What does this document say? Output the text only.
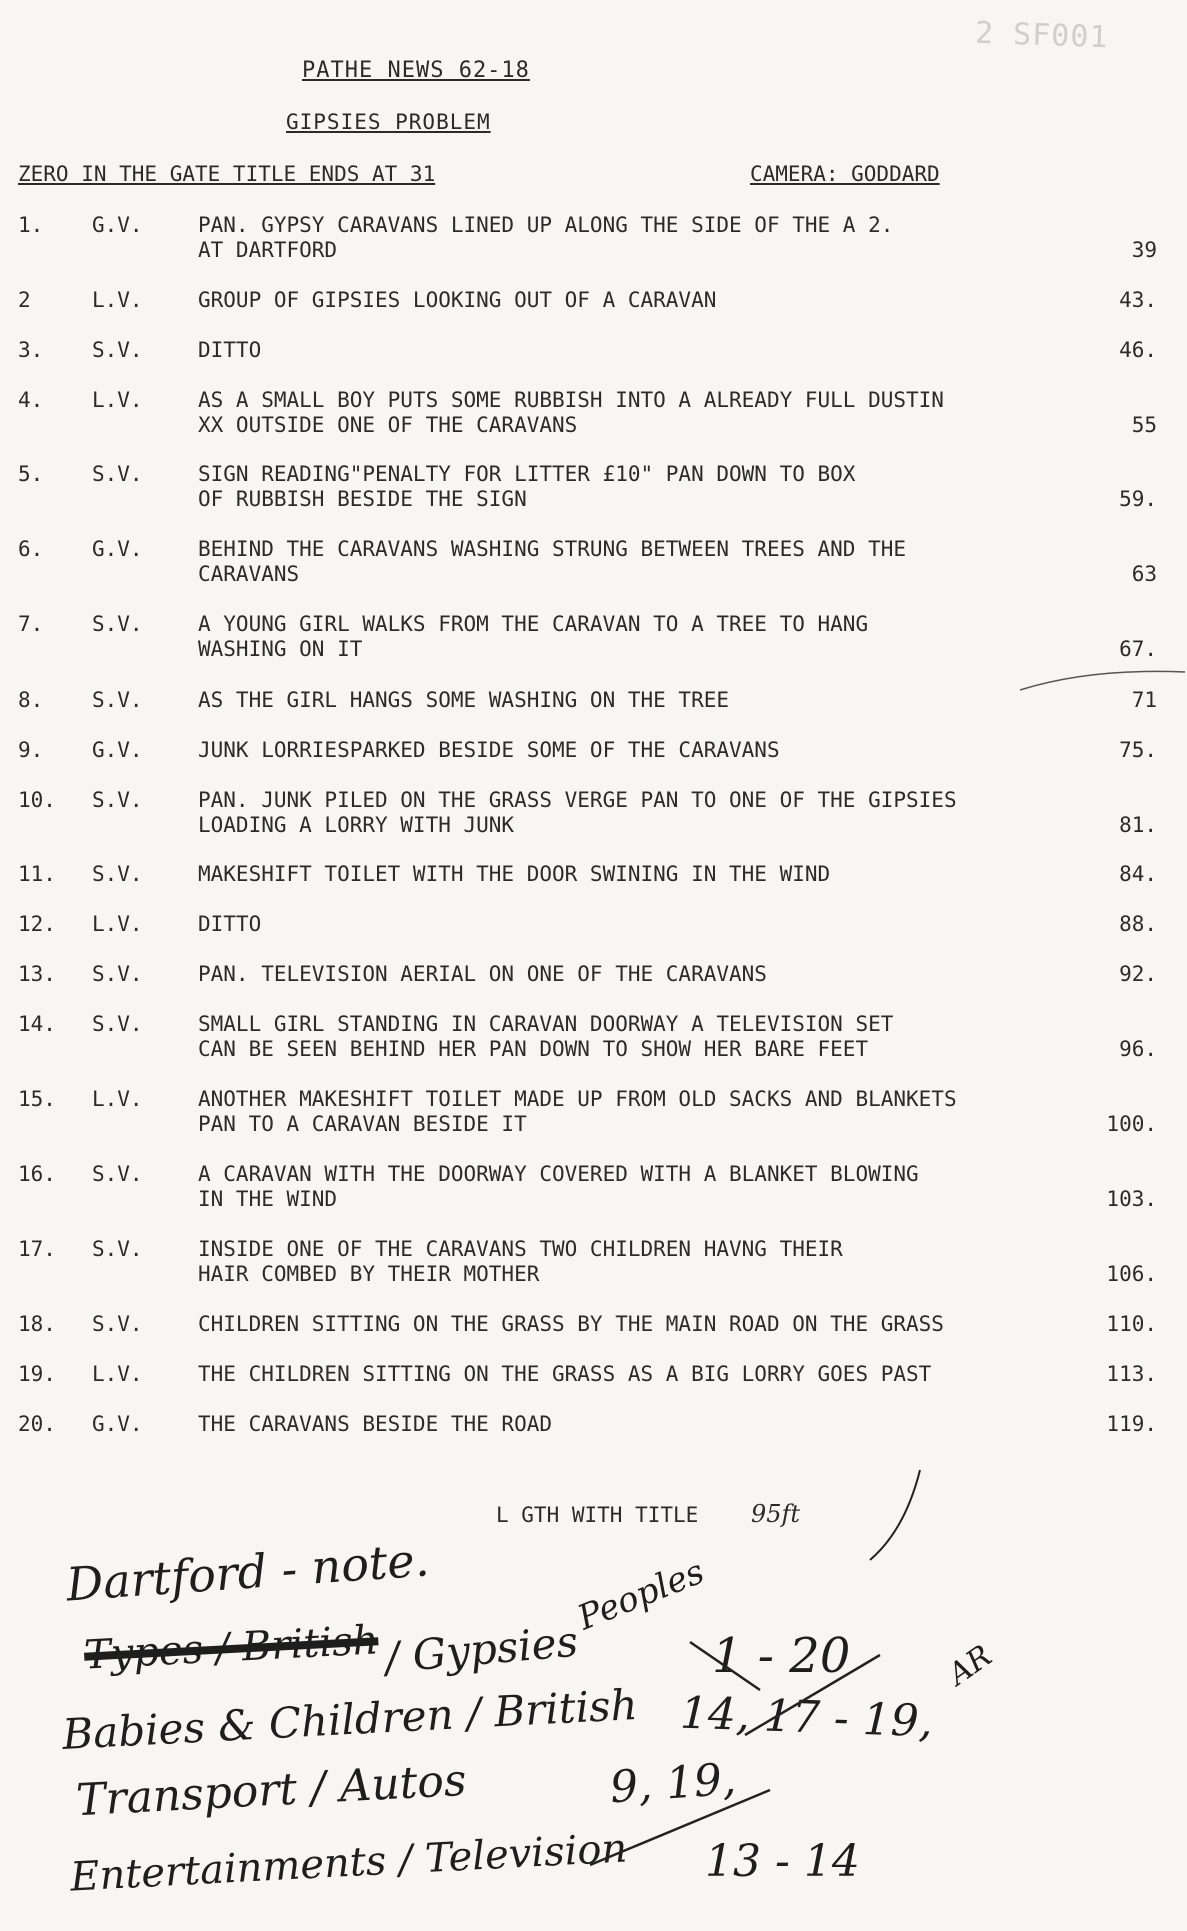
2 SF001
PATHE NEWS 62-18
GIPSIES PROBLEM
ZERO IN THE GATE TITLE ENDS AT 31	CAMERA: GODDARD
1. G.V.	PAN. GYPSY CARAVANS LINED UP ALONG THE SIDE OF THE A 2.
AT DARTFORD	39
2	L.V.	GROUP OF GIPSIES LOOKING OUT OF A CARAVAN	43.
3. S.V.	DITTO	46.
4. L.V.	AS A SMALL BOY PUTS SOME RUBBISH INTO A ALREADY FULL DUSTIN
XX OUTSIDE ONE OF THE CARAVANS	55
5. S.V.	SIGN READING"PENALTY FOR LITTER £10" PAN DOWN TO BOX
OF RUBBISH BESIDE THE SIGN	59.
6. G.V.	BEHIND THE CARAVANS WASHING STRUNG BETWEEN TREES AND THE
CARAVANS	63
7. S.V.	A YOUNG GIRL WALKS FROM THE CARAVAN TO A TREE TO HANG
WASHING ON IT	67.
8. S.V.	AS THE GIRL HANGS SOME WASHING ON THE TREE	71
9. G.V.	JUNK LORRIESPARKED BESIDE SOME OF THE CARAVANS	75.
10. S.V.	PAN. JUNK PILED ON THE GRASS VERGE PAN TO ONE OF THE GIPSIES
LOADING A LORRY WITH JUNK	81.
11. S.V.	MAKESHIFT TOILET WITH THE DOOR SWINING IN THE WIND	84.
12. L.V.	DITTO	88.
13. S.V.	PAN. TELEVISION AERIAL ON ONE OF THE CARAVANS	92.
14. S.V.	SMALL GIRL STANDING IN CARAVAN DOORWAY A TELEVISION SET
CAN BE SEEN BEHIND HER PAN DOWN TO SHOW HER BARE FEET	96.
15. L.V.	ANOTHER MAKESHIFT TOILET MADE UP FROM OLD SACKS AND BLANKETS
PAN TO A CARAVAN BESIDE IT	100.
16. S.V.	A CARAVAN WITH THE DOORWAY COVERED WITH A BLANKET BLOWING
IN THE WIND	103.
17. S.V.	INSIDE ONE OF THE CARAVANS TWO CHILDREN HAVNG THEIR
HAIR COMBED BY THEIR MOTHER	106.
18. S.V.	CHILDREN SITTING ON THE GRASS BY THE MAIN ROAD ON THE GRASS	110.
19. L.V.	THE CHILDREN SITTING ON THE GRASS AS A BIG LORRY GOES PAST	113.
20. G.V.	THE CARAVANS BESIDE THE ROAD	119.
L GTH WITH TITLE 95ft
Dartford - note.
Types / British / Gypsies
Peoples
1 - 20
Babies & Children / British 14, 17 - 19,
AR
Transport / Autos	9, 19,
Entertainments / Television 13 - 14
